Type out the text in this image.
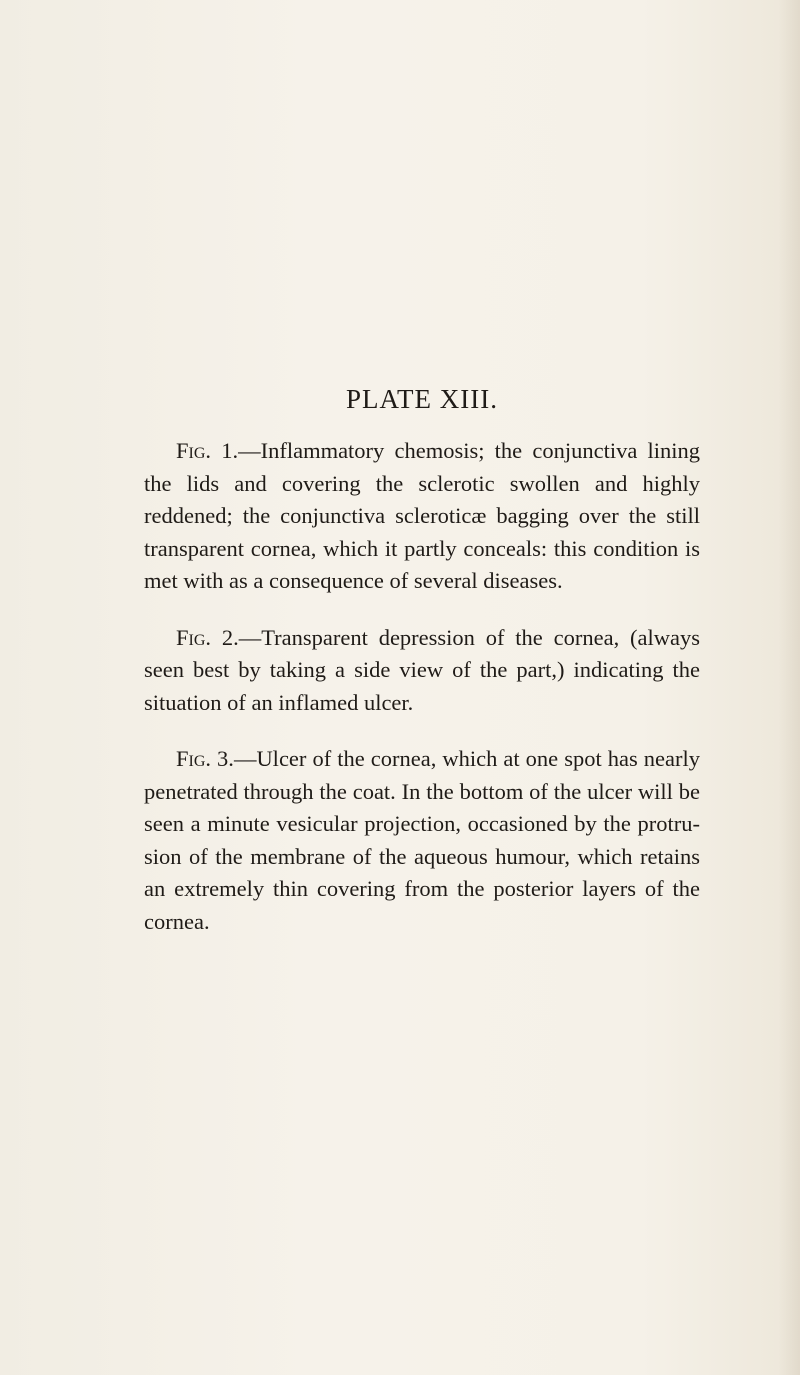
PLATE XIII.

Fig. 1.—Inflammatory chemosis; the conjunctiva lining the lids and covering the sclerotic swollen and highly reddened; the conjunctiva scleroticæ bagging over the still transparent cornea, which it partly conceals: this condition is met with as a consequence of several diseases.

Fig. 2.—Transparent depression of the cornea, (always seen best by taking a side view of the part,) indicating the situation of an inflamed ulcer.

Fig. 3.—Ulcer of the cornea, which at one spot has nearly penetrated through the coat. In the bottom of the ulcer will be seen a minute vesicular projection, occasioned by the protru- sion of the membrane of the aqueous humour, which retains an extremely thin covering from the posterior layers of the cornea.
